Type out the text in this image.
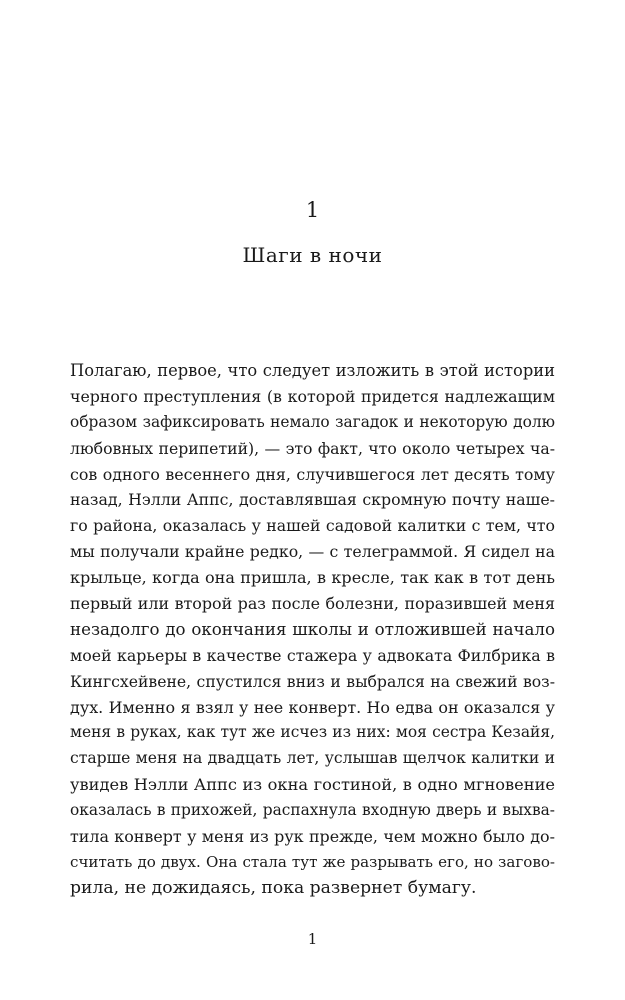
1
Шаги в ночи
Полагаю, первое, что следует изложить в этой истории
черного преступления (в которой придется надлежащим
образом зафиксировать немало загадок и некоторую долю
любовных перипетий), — это факт, что около четырех ча-
сов одного весеннего дня, случившегося лет десять тому
назад, Нэлли Аппс, доставлявшая скромную почту наше-
го района, оказалась у нашей садовой калитки с тем, что
мы получали крайне редко, — с телеграммой. Я сидел на
крыльце, когда она пришла, в кресле, так как в тот день
первый или второй раз после болезни, поразившей меня
незадолго до окончания школы и отложившей начало
моей карьеры в качестве стажера у адвоката Филбрика в
Кингсхейвене, спустился вниз и выбрался на свежий воз-
дух. Именно я взял у нее конверт. Но едва он оказался у
меня в руках, как тут же исчез из них: моя сестра Кезайя,
старше меня на двадцать лет, услышав щелчок калитки и
увидев Нэлли Аппс из окна гостиной, в одно мгновение
оказалась в прихожей, распахнула входную дверь и выхва-
тила конверт у меня из рук прежде, чем можно было до-
считать до двух. Она стала тут же разрывать его, но загово-
рила, не дожидаясь, пока развернет бумагу.
1
